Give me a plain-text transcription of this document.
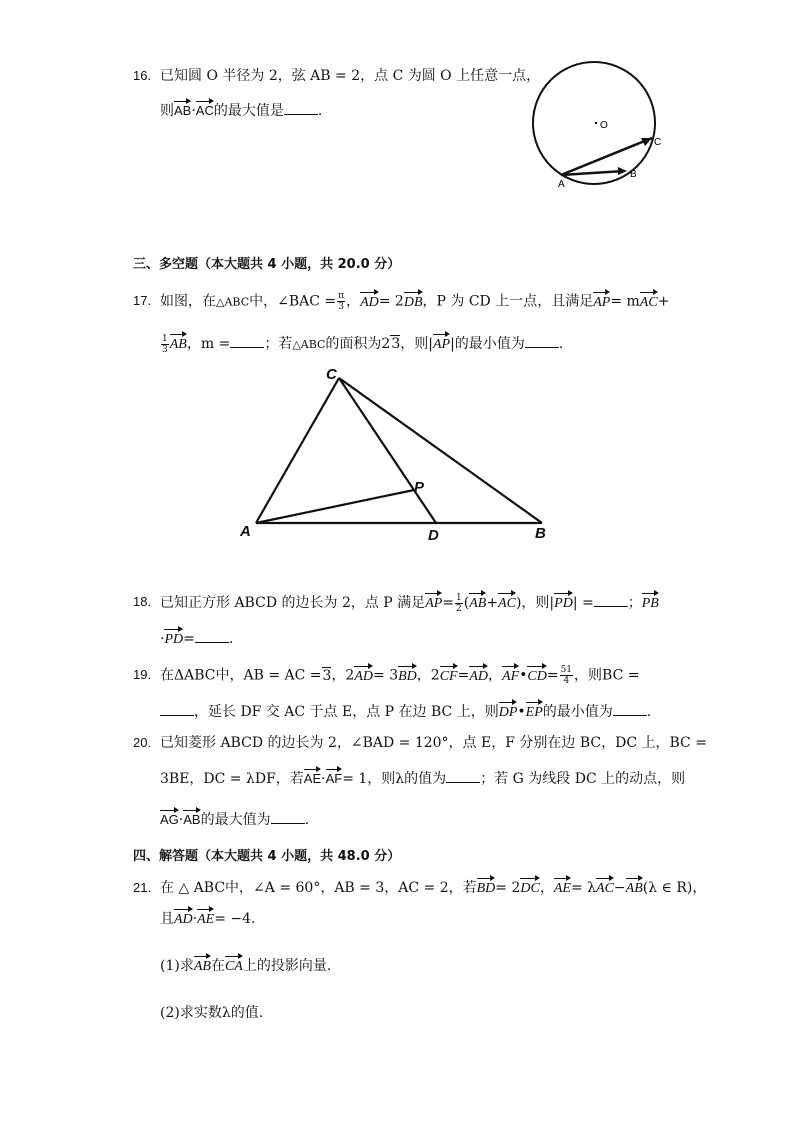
16. 已知圆 O 半径为 2，弦 AB = 2，点 C 为圆 O 上任意一点，
则AB·AC的最大值是 .
O
A
B
C
三、多空题（本大题共 4 小题，共 20.0 分）
17. 如图，在△ABC中，∠BAC = $\frac{\pi}{3}$ ，AD= 2DB，P 为 CD 上一点，且满足AP= mAC+
$\frac{1}{3}$ AB，m = ；若△ABC的面积为23，则|AP|的最小值为 .
C
P
A	D	B
18. 已知正方形 ABCD 的边长为 2，点 P 满足$AP= \frac{1}{2} (AB+AC)$，则|PD| = ；PB
·PD= .
19. 在ΔABC中，AB = AC =3，2AD= 3BD，2CF=AD，AF•CD= $\frac{51}{4}$ ，则BC =
，延长 DF 交 AC 于点 E，点 P 在边 BC 上，则DP•EP的最小值为 .
20. 已知菱形 ABCD 的边长为 2，∠BAD = 120°，点 E，F 分别在边 BC，DC 上，BC =
3BE，DC = λDF，若AE·AF= 1，则λ的值为 ；若 G 为线段 DC 上的动点，则
AG·AB的最大值为 .
四、解答题（本大题共 4 小题，共 48.0 分）
21. 在 △ ABC中，∠A = 60°，AB = 3，AC = 2，若BD= 2DC，AE= λAC−AB(λ ∈ R)，
且AD·AE= −4.
(1)求AB在CA上的投影向量.
(2)求实数λ的值.
